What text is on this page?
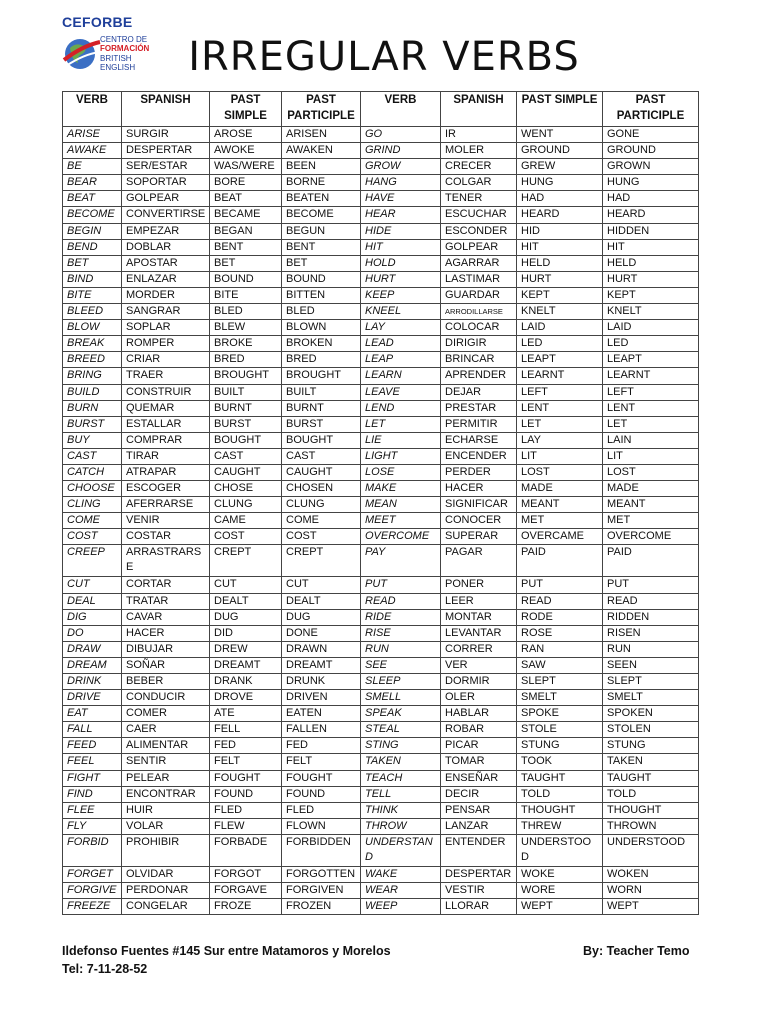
CEFORBE
CENTRO DE
FORMACIÓN
BRITISH
ENGLISH	IRREGULAR VERBS
VERB	SPANISH	PAST SIMPLE	PAST PARTICIPLE	VERB	SPANISH	PAST SIMPLE	PAST PARTICIPLE
ARISE	SURGIR	AROSE	ARISEN	GO	IR	WENT	GONE
AWAKE	DESPERTAR	AWOKE	AWAKEN	GRIND	MOLER	GROUND	GROUND
BE	SER/ESTAR	WAS/WERE	BEEN	GROW	CRECER	GREW	GROWN
BEAR	SOPORTAR	BORE	BORNE	HANG	COLGAR	HUNG	HUNG
BEAT	GOLPEAR	BEAT	BEATEN	HAVE	TENER	HAD	HAD
BECOME	CONVERTIRSE	BECAME	BECOME	HEAR	ESCUCHAR	HEARD	HEARD
BEGIN	EMPEZAR	BEGAN	BEGUN	HIDE	ESCONDER	HID	HIDDEN
BEND	DOBLAR	BENT	BENT	HIT	GOLPEAR	HIT	HIT
BET	APOSTAR	BET	BET	HOLD	AGARRAR	HELD	HELD
BIND	ENLAZAR	BOUND	BOUND	HURT	LASTIMAR	HURT	HURT
BITE	MORDER	BITE	BITTEN	KEEP	GUARDAR	KEPT	KEPT
BLEED	SANGRAR	BLED	BLED	KNEEL	ARRODILLARSE	KNELT	KNELT
BLOW	SOPLAR	BLEW	BLOWN	LAY	COLOCAR	LAID	LAID
BREAK	ROMPER	BROKE	BROKEN	LEAD	DIRIGIR	LED	LED
BREED	CRIAR	BRED	BRED	LEAP	BRINCAR	LEAPT	LEAPT
BRING	TRAER	BROUGHT	BROUGHT	LEARN	APRENDER	LEARNT	LEARNT
BUILD	CONSTRUIR	BUILT	BUILT	LEAVE	DEJAR	LEFT	LEFT
BURN	QUEMAR	BURNT	BURNT	LEND	PRESTAR	LENT	LENT
BURST	ESTALLAR	BURST	BURST	LET	PERMITIR	LET	LET
BUY	COMPRAR	BOUGHT	BOUGHT	LIE	ECHARSE	LAY	LAIN
CAST	TIRAR	CAST	CAST	LIGHT	ENCENDER	LIT	LIT
CATCH	ATRAPAR	CAUGHT	CAUGHT	LOSE	PERDER	LOST	LOST
CHOOSE	ESCOGER	CHOSE	CHOSEN	MAKE	HACER	MADE	MADE
CLING	AFERRARSE	CLUNG	CLUNG	MEAN	SIGNIFICAR	MEANT	MEANT
COME	VENIR	CAME	COME	MEET	CONOCER	MET	MET
COST	COSTAR	COST	COST	OVERCOME	SUPERAR	OVERCAME	OVERCOME
CREEP	ARRASTRARSE	CREPT	CREPT	PAY	PAGAR	PAID	PAID
CUT	CORTAR	CUT	CUT	PUT	PONER	PUT	PUT
DEAL	TRATAR	DEALT	DEALT	READ	LEER	READ	READ
DIG	CAVAR	DUG	DUG	RIDE	MONTAR	RODE	RIDDEN
DO	HACER	DID	DONE	RISE	LEVANTAR	ROSE	RISEN
DRAW	DIBUJAR	DREW	DRAWN	RUN	CORRER	RAN	RUN
DREAM	SOÑAR	DREAMT	DREAMT	SEE	VER	SAW	SEEN
DRINK	BEBER	DRANK	DRUNK	SLEEP	DORMIR	SLEPT	SLEPT
DRIVE	CONDUCIR	DROVE	DRIVEN	SMELL	OLER	SMELT	SMELT
EAT	COMER	ATE	EATEN	SPEAK	HABLAR	SPOKE	SPOKEN
FALL	CAER	FELL	FALLEN	STEAL	ROBAR	STOLE	STOLEN
FEED	ALIMENTAR	FED	FED	STING	PICAR	STUNG	STUNG
FEEL	SENTIR	FELT	FELT	TAKEN	TOMAR	TOOK	TAKEN
FIGHT	PELEAR	FOUGHT	FOUGHT	TEACH	ENSEÑAR	TAUGHT	TAUGHT
FIND	ENCONTRAR	FOUND	FOUND	TELL	DECIR	TOLD	TOLD
FLEE	HUIR	FLED	FLED	THINK	PENSAR	THOUGHT	THOUGHT
FLY	VOLAR	FLEW	FLOWN	THROW	LANZAR	THREW	THROWN
FORBID	PROHIBIR	FORBADE	FORBIDDEN	UNDERSTAND	ENTENDER	UNDERSTOOD	UNDERSTOOD
FORGET	OLVIDAR	FORGOT	FORGOTTEN	WAKE	DESPERTAR	WOKE	WOKEN
FORGIVE	PERDONAR	FORGAVE	FORGIVEN	WEAR	VESTIR	WORE	WORN
FREEZE	CONGELAR	FROZE	FROZEN	WEEP	LLORAR	WEPT	WEPT
Ildefonso Fuentes #145 Sur entre Matamoros y Morelos
Tel: 7-11-28-52
By: Teacher Temo
